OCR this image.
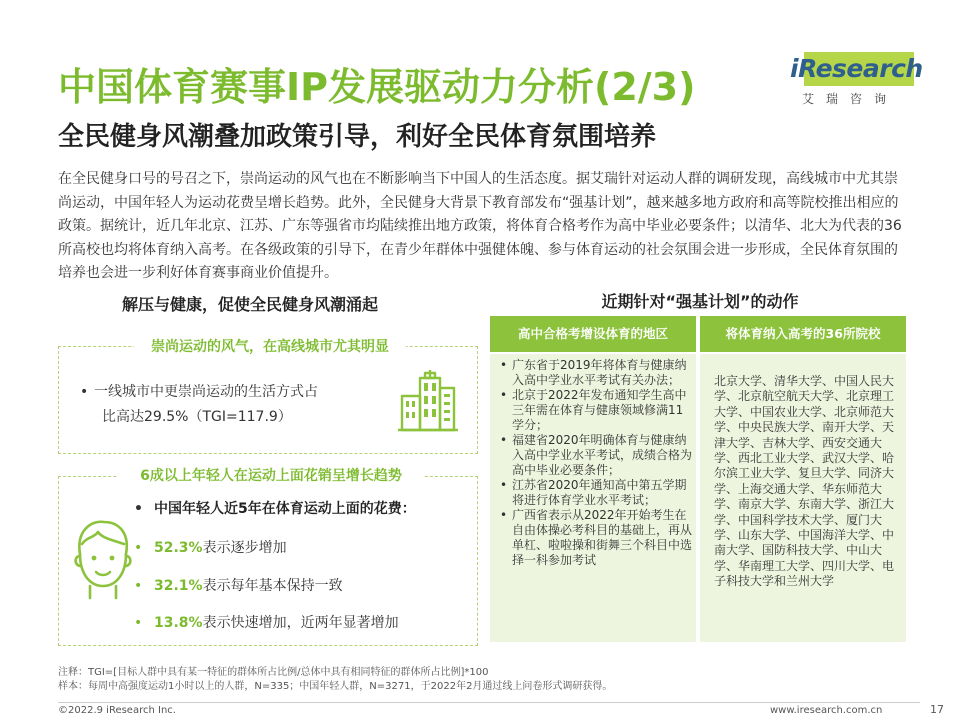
中国体育赛事IP发展驱动力分析(2/3)
全民健身风潮叠加政策引导，利好全民体育氛围培养
iResearch
艾瑞咨询
在全民健身口号的号召之下，崇尚运动的风气也在不断影响当下中国人的生活态度。据艾瑞针对运动人群的调研发现，高线城市中尤其崇尚运动，中国年轻人为运动花费呈增长趋势。此外，全民健身大背景下教育部发布“强基计划”，越来越多地方政府和高等院校推出相应的政策。据统计，近几年北京、江苏、广东等强省市均陆续推出地方政策，将体育合格考作为高中毕业必要条件；以清华、北大为代表的36所高校也均将体育纳入高考。在各级政策的引导下，在青少年群体中强健体魄、参与体育运动的社会氛围会进一步形成，全民体育氛围的培养也会进一步利好体育赛事商业价值提升。
解压与健康，促使全民健身风潮涌起
崇尚运动的风气，在高线城市尤其明显
• 一线城市中更崇尚运动的生活方式占
比高达29.5%（TGI=117.9）
6成以上年轻人在运动上面花销呈增长趋势
• 中国年轻人近5年在体育运动上面的花费：
• 52.3%表示逐步增加
• 32.1%表示每年基本保持一致
• 13.8%表示快速增加，近两年显著增加
近期针对“强基计划”的动作
高中合格考增设体育的地区	将体育纳入高考的36所院校
• 广东省于2019年将体育与健康纳入高中学业水平考试有关办法；
• 北京于2022年发布通知学生高中三年需在体育与健康领域修满11学分；
• 福建省2020年明确体育与健康纳入高中学业水平考试，成绩合格为高中毕业必要条件；
• 江苏省2020年通知高中第五学期将进行体育学业水平考试；
• 广西省表示从2022年开始考生在自由体操必考科目的基础上，再从单杠、啦啦操和街舞三个科目中选择一科参加考试
北京大学、清华大学、中国人民大学、北京航空航天大学、北京理工大学、中国农业大学、北京师范大学、中央民族大学、南开大学、天津大学、吉林大学、西安交通大学、西北工业大学、武汉大学、哈尔滨工业大学、复旦大学、同济大学、上海交通大学、华东师范大学、南京大学、东南大学、浙江大学、中国科学技术大学、厦门大学、山东大学、中国海洋大学、中南大学、国防科技大学、中山大学、华南理工大学、四川大学、电子科技大学和兰州大学
注释：TGI=[目标人群中具有某一特征的群体所占比例/总体中具有相同特征的群体所占比例]*100
样本：每周中高强度运动1小时以上的人群，N=335；中国年轻人群，N=3271，于2022年2月通过线上问卷形式调研获得。
©2022.9 iResearch Inc.	www.iresearch.com.cn	17
